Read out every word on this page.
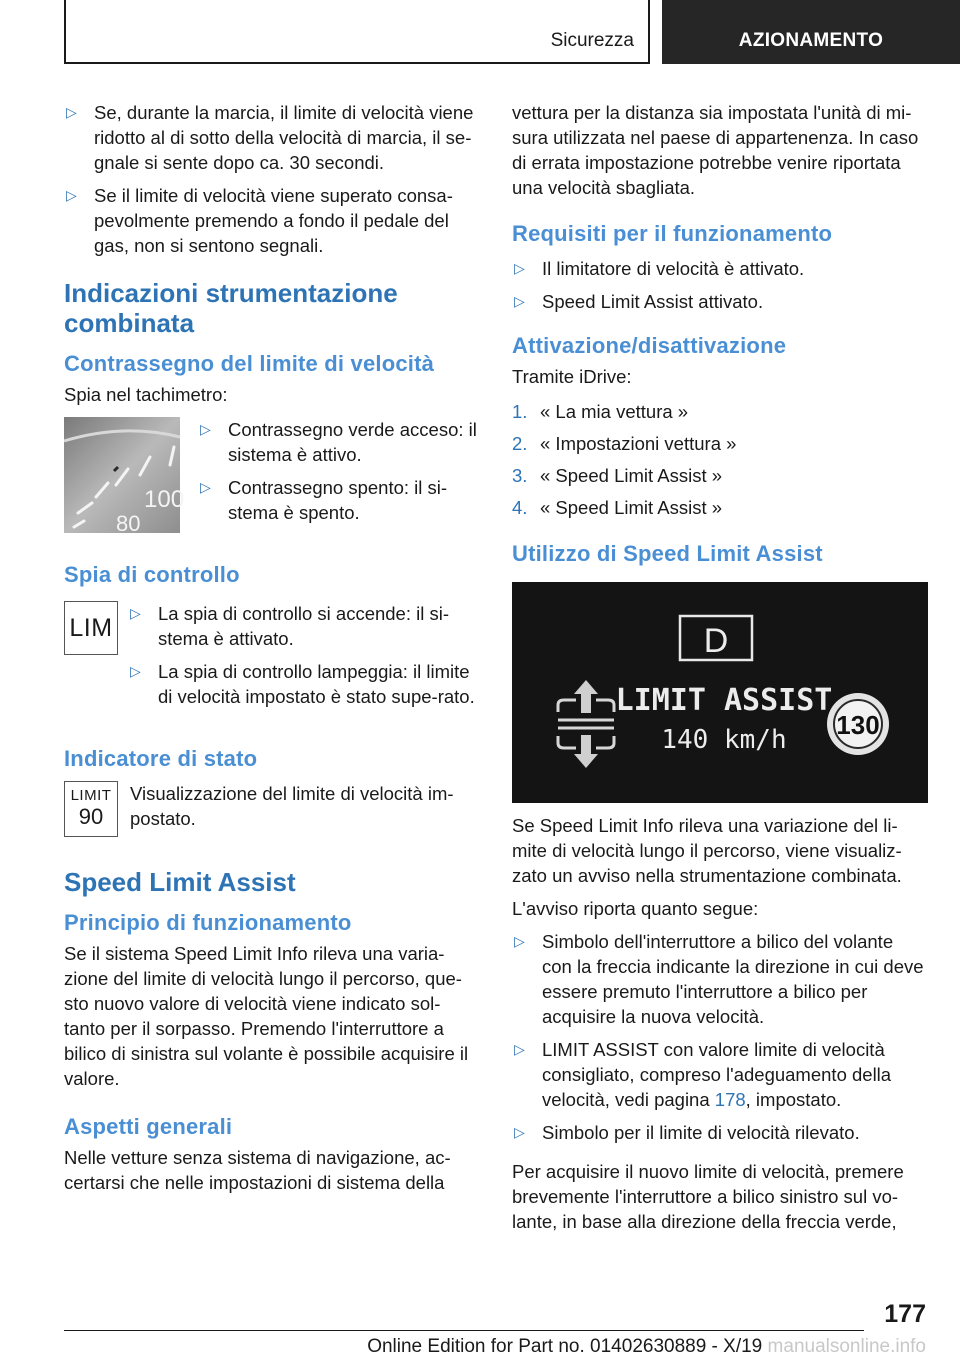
Sicurezza	AZIONAMENTO
▷ Se, durante la marcia, il limite di velocità viene ridotto al di sotto della velocità di marcia, il se-gnale si sente dopo ca. 30 secondi.
▷ Se il limite di velocità viene superato consa-pevolmente premendo a fondo il pedale del gas, non si sentono segnali.
Indicazioni strumentazione combinata
Contrassegno del limite di velocità

Spia nel tachimetro:

100
80
▷ Contrassegno verde acceso: il sistema è attivo.
▷ Contrassegno spento: il si-stema è spento.
Spia di controllo
LIM
▷ La spia di controllo si accende: il si-stema è attivato.
▷ La spia di controllo lampeggia: il limite di velocità impostato è stato supe-rato.
Indicatore di stato
LIMIT
90

Visualizzazione del limite di velocità im-postato.

Speed Limit Assist
Principio di funzionamento

Se il sistema Speed Limit Info rileva una varia-zione del limite di velocità lungo il percorso, que-sto nuovo valore di velocità viene indicato sol-tanto per il sorpasso. Premendo l'interruttore a bilico di sinistra sul volante è possibile acquisire il valore.

Aspetti generali

Nelle vetture senza sistema di navigazione, ac-certarsi che nelle impostazioni di sistema della

vettura per la distanza sia impostata l'unità di mi-sura utilizzata nel paese di appartenenza. In caso di errata impostazione potrebbe venire riportata una velocità sbagliata.

Requisiti per il funzionamento
▷ Il limitatore di velocità è attivato.
▷ Speed Limit Assist attivato.
Attivazione/disattivazione

Tramite iDrive:

1. « La mia vettura »
2. « Impostazioni vettura »
3. « Speed Limit Assist »
4. « Speed Limit Assist »
Utilizzo di Speed Limit Assist
D
LIMIT ASSIST
140 km/h 130

Se Speed Limit Info rileva una variazione del li-mite di velocità lungo il percorso, viene visualiz-zato un avviso nella strumentazione combinata.

L'avviso riporta quanto segue:

▷ Simbolo dell'interruttore a bilico del volante con la freccia indicante la direzione in cui deve essere premuto l'interruttore a bilico per acquisire la nuova velocità.
▷ LIMIT ASSIST con valore limite di velocità consigliato, compreso l'adeguamento della velocità, vedi pagina 178, impostato.
▷ Simbolo per il limite di velocità rilevato.

Per acquisire il nuovo limite di velocità, premere brevemente l'interruttore a bilico sinistro sul vo-lante, in base alla direzione della freccia verde,

177
Online Edition for Part no. 01402630889 - X/19 manualsonline.info
